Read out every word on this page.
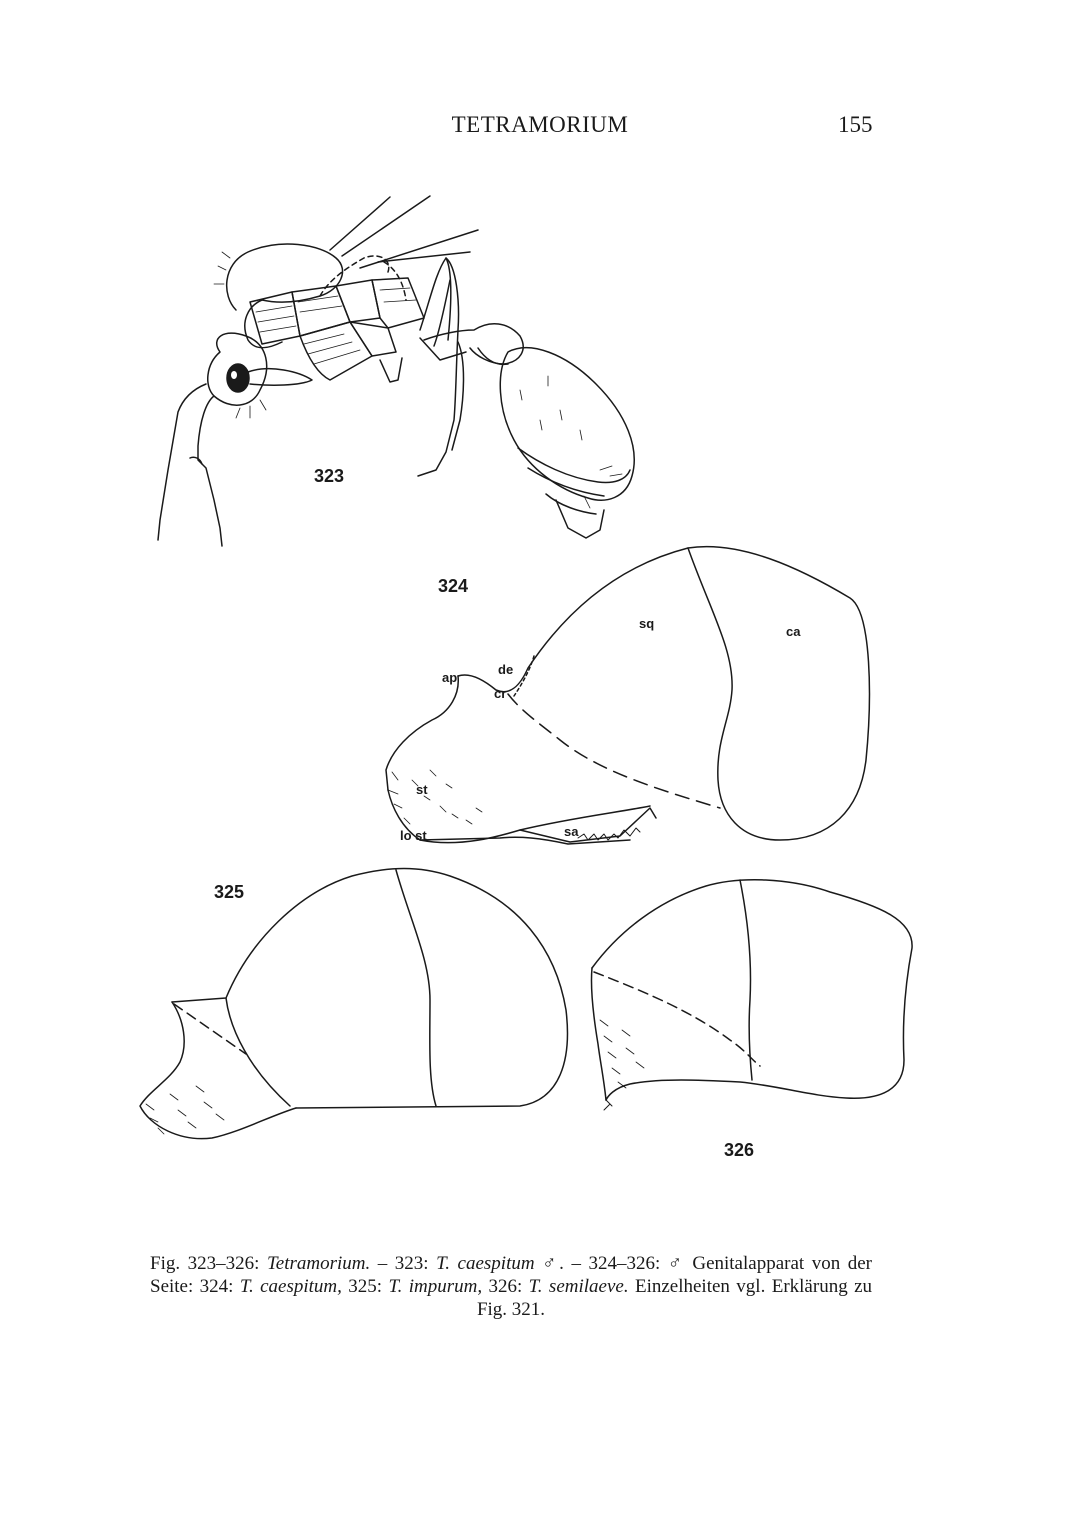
TETRAMORIUM	155
323
324
325
326
sq
ca
ap
de
cr
st
lo st	sa
Fig. 323–326: Tetramorium. – 323: T. caespitum ♂. – 324–326: ♂ Genitalapparat von der Seite: 324: T. caespitum, 325: T. impurum, 326: T. semilaeve. Einzelheiten vgl. Erklärung zu Fig. 321.
